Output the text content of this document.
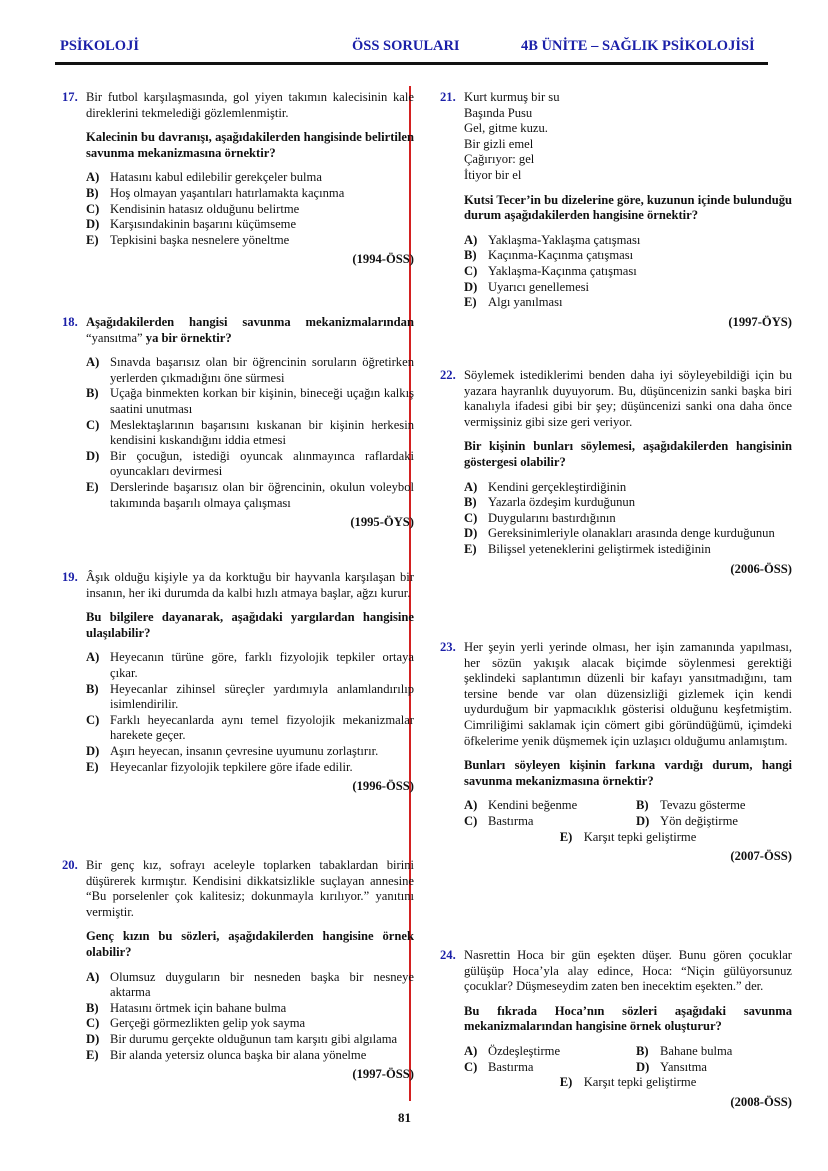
PSİKOLOJİ	ÖSS SORULARI	4B ÜNİTE – SAĞLIK PSİKOLOJİSİ
17. Bir futbol karşılaşmasında, gol yiyen takımın kalecisinin kale direklerini tekmelediği gözlemlenmiştir.

Kalecinin bu davranışı, aşağıdakilerden hangisinde belirtilen savunma mekanizmasına örnektir?

A) Hatasını kabul edilebilir gerekçeler bulma
B) Hoş olmayan yaşantıları hatırlamakta kaçınma
C) Kendisinin hatasız olduğunu belirtme
D) Karşısındakinin başarını küçümseme
E) Tepkisini başka nesnelere yöneltme
(1994-ÖSS)
18. Aşağıdakilerden hangisi savunma mekanizmalarından “yansıtma” ya bir örnektir?

A) Sınavda başarısız olan bir öğrencinin soruların öğretirken yerlerden çıkmadığını öne sürmesi
B) Uçağa binmekten korkan bir kişinin, bineceği uçağın kalkış saatini unutması
C) Meslektaşlarının başarısını kıskanan bir kişinin herkesin kendisini kıskandığını iddia etmesi
D) Bir çocuğun, istediği oyuncak alınmayınca raflardaki oyuncakları devirmesi
E) Derslerinde başarısız olan bir öğrencinin, okulun voleybol takımında başarılı olmaya çalışması
(1995-ÖYS)
19. Âşık olduğu kişiyle ya da korktuğu bir hayvanla karşılaşan bir insanın, her iki durumda da kalbi hızlı atmaya başlar, ağzı kurur.

Bu bilgilere dayanarak, aşağıdaki yargılardan hangisine ulaşılabilir?

A) Heyecanın türüne göre, farklı fizyolojik tepkiler ortaya çıkar.
B) Heyecanlar zihinsel süreçler yardımıyla anlamlandırılıp isimlendirilir.
C) Farklı heyecanlarda aynı temel fizyolojik mekanizmalar harekete geçer.
D) Aşırı heyecan, insanın çevresine uyumunu zorlaştırır.
E) Heyecanlar fizyolojik tepkilere göre ifade edilir.
(1996-ÖSS)
20. Bir genç kız, sofrayı aceleyle toplarken tabaklardan birini düşürerek kırmıştır. Kendisini dikkatsizlikle suçlayan annesine “Bu porselenler çok kalitesiz; dokunmayla kırılıyor.” yanıtını vermiştir.

Genç kızın bu sözleri, aşağıdakilerden hangisine örnek olabilir?

A) Olumsuz duyguların bir nesneden başka bir nesneye aktarma
B) Hatasını örtmek için bahane bulma
C) Gerçeği görmezlikten gelip yok sayma
D) Bir durumu gerçekte olduğunun tam karşıtı gibi algılama
E) Bir alanda yetersiz olunca başka bir alana yönelme
(1997-ÖSS)
21. Kurt kurmuş bir su

Başında Pusu

Gel, gitme kuzu.

Bir gizli emel

Çağırıyor: gel

İtiyor bir el

Kutsi Tecer’in bu dizelerine göre, kuzunun içinde bulunduğu durum aşağıdakilerden hangisine örnektir?

A) Yaklaşma-Yaklaşma çatışması
B) Kaçınma-Kaçınma çatışması
C) Yaklaşma-Kaçınma çatışması
D) Uyarıcı genellemesi
E) Algı yanılması
(1997-ÖYS)
22. Söylemek istediklerimi benden daha iyi söyleyebildiği için bu yazara hayranlık duyuyorum. Bu, düşüncenizin sanki başka biri kanalıyla ifadesi gibi bir şey; düşüncenizi sanki ona daha önce vermişsiniz gibi size geri veriyor.

Bir kişinin bunları söylemesi, aşağıdakilerden hangisinin göstergesi olabilir?

A) Kendini gerçekleştirdiğinin
B) Yazarla özdeşim kurduğunun
C) Duygularını bastırdığının
D) Gereksinimleriyle olanakları arasında denge kurduğunun
E) Bilişsel yeteneklerini geliştirmek istediğinin
(2006-ÖSS)
23. Her şeyin yerli yerinde olması, her işin zamanında yapılması, her sözün yakışık alacak biçimde söylenmesi gerektiği şeklindeki saplantımın düzenli bir kafayı yansıtmadığını, tam tersine bende var olan düzensizliği gizlemek için kendi uydurduğum bir yapmacıklık gösterisi olduğunu keşfetmiştim. Cimriliğimi saklamak için cömert gibi göründüğümü, içimdeki öfkelerime yenik düşmemek için uzlaşıcı olduğumu anlamıştım.

Bunları söyleyen kişinin farkına vardığı durum, hangi savunma mekanizmasına örnektir?

A) Kendini beğenme	B) Tevazu gösterme
C) Bastırma	D) Yön değiştirme
E) Karşıt tepki geliştirme
(2007-ÖSS)
24. Nasrettin Hoca bir gün eşekten düşer. Bunu gören çocuklar gülüşüp Hoca’yla alay edince, Hoca: “Niçin gülüyorsunuz çocuklar? Düşmeseydim zaten ben inecektim eşekten.” der.

Bu fıkrada Hoca’nın sözleri aşağıdaki savunma mekanizmalarından hangisine örnek oluşturur?

A) Özdeşleştirme	B) Bahane bulma
C) Bastırma	D) Yansıtma
E) Karşıt tepki geliştirme
(2008-ÖSS)
81
